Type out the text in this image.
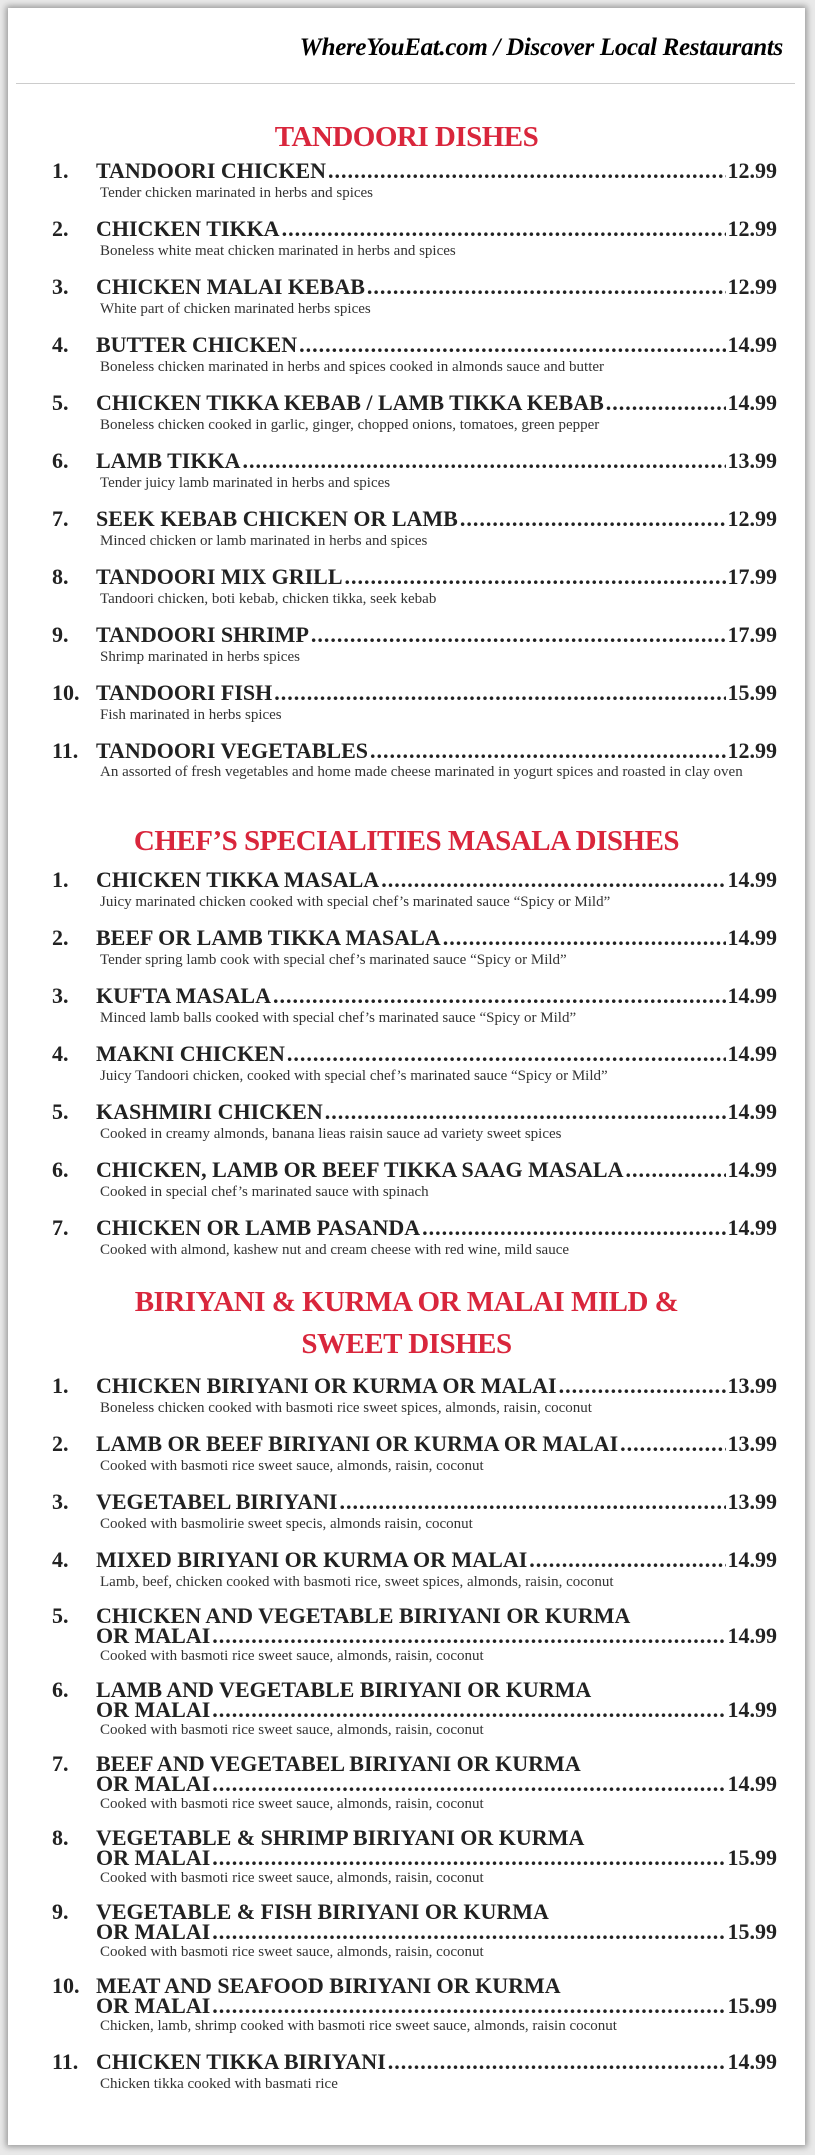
WhereYouEat.com / Discover Local Restaurants
TANDOORI DISHES
1.	TANDOORI CHICKEN .....	12.99
Tender chicken marinated in herbs and spices
2.	CHICKEN TIKKA .....	12.99
Boneless white meat chicken marinated in herbs and spices
3.	CHICKEN MALAI KEBAB .....	12.99
White part of chicken marinated herbs spices
4.	BUTTER CHICKEN .....	14.99
Boneless chicken marinated in herbs and spices cooked in almonds sauce and butter
5.	CHICKEN TIKKA KEBAB / LAMB TIKKA KEBAB .....	14.99
Boneless chicken cooked in garlic, ginger, chopped onions, tomatoes, green pepper
6.	LAMB TIKKA .....	13.99
Tender juicy lamb marinated in herbs and spices
7.	SEEK KEBAB CHICKEN OR LAMB .....	12.99
Minced chicken or lamb marinated in herbs and spices
8.	TANDOORI MIX GRILL .....	17.99
Tandoori chicken, boti kebab, chicken tikka, seek kebab
9.	TANDOORI SHRIMP .....	17.99
Shrimp marinated in herbs spices
10. TANDOORI FISH .....	15.99
Fish marinated in herbs spices
11. TANDOORI VEGETABLES .....	12.99
An assorted of fresh vegetables and home made cheese marinated in yogurt spices and roasted in clay oven
CHEF’S SPECIALITIES MASALA DISHES
1.	CHICKEN TIKKA MASALA .....	14.99
Juicy marinated chicken cooked with special chef’s marinated sauce “Spicy or Mild”
2.	BEEF OR LAMB TIKKA MASALA .....	14.99
Tender spring lamb cook with special chef’s marinated sauce “Spicy or Mild”
3.	KUFTA MASALA .....	14.99
Minced lamb balls cooked with special chef’s marinated sauce “Spicy or Mild”
4.	MAKNI CHICKEN .....	14.99
Juicy Tandoori chicken, cooked with special chef’s marinated sauce “Spicy or Mild”
5.	KASHMIRI CHICKEN .....	14.99
Cooked in creamy almonds, banana lieas raisin sauce ad variety sweet spices
6.	CHICKEN, LAMB OR BEEF TIKKA SAAG MASALA .....	14.99
Cooked in special chef’s marinated sauce with spinach
7.	CHICKEN OR LAMB PASANDA .....	14.99
Cooked with almond, kashew nut and cream cheese with red wine, mild sauce
BIRIYANI & KURMA OR MALAI MILD &
SWEET DISHES
1.	CHICKEN BIRIYANI OR KURMA OR MALAI .....	13.99
Boneless chicken cooked with basmoti rice sweet spices, almonds, raisin, coconut
2.	LAMB OR BEEF BIRIYANI OR KURMA OR MALAI .....	13.99
Cooked with basmoti rice sweet sauce, almonds, raisin, coconut
3.	VEGETABEL BIRIYANI .....	13.99
Cooked with basmolirie sweet specis, almonds raisin, coconut
4.	MIXED BIRIYANI OR KURMA OR MALAI .....	14.99
Lamb, beef, chicken cooked with basmoti rice, sweet spices, almonds, raisin, coconut
5.	CHICKEN AND VEGETABLE BIRIYANI OR KURMA
OR MALAI .....	14.99
Cooked with basmoti rice sweet sauce, almonds, raisin, coconut
6.	LAMB AND VEGETABLE BIRIYANI OR KURMA
OR MALAI .....	14.99
Cooked with basmoti rice sweet sauce, almonds, raisin, coconut
7.	BEEF AND VEGETABEL BIRIYANI OR KURMA
OR MALAI .....	14.99
Cooked with basmoti rice sweet sauce, almonds, raisin, coconut
8.	VEGETABLE & SHRIMP BIRIYANI OR KURMA
OR MALAI .....	15.99
Cooked with basmoti rice sweet sauce, almonds, raisin, coconut
9.	VEGETABLE & FISH BIRIYANI OR KURMA
OR MALAI .....	15.99
Cooked with basmoti rice sweet sauce, almonds, raisin, coconut
10. MEAT AND SEAFOOD BIRIYANI OR KURMA
OR MALAI .....	15.99
Chicken, lamb, shrimp cooked with basmoti rice sweet sauce, almonds, raisin coconut
11. CHICKEN TIKKA BIRIYANI .....	14.99
Chicken tikka cooked with basmati rice
